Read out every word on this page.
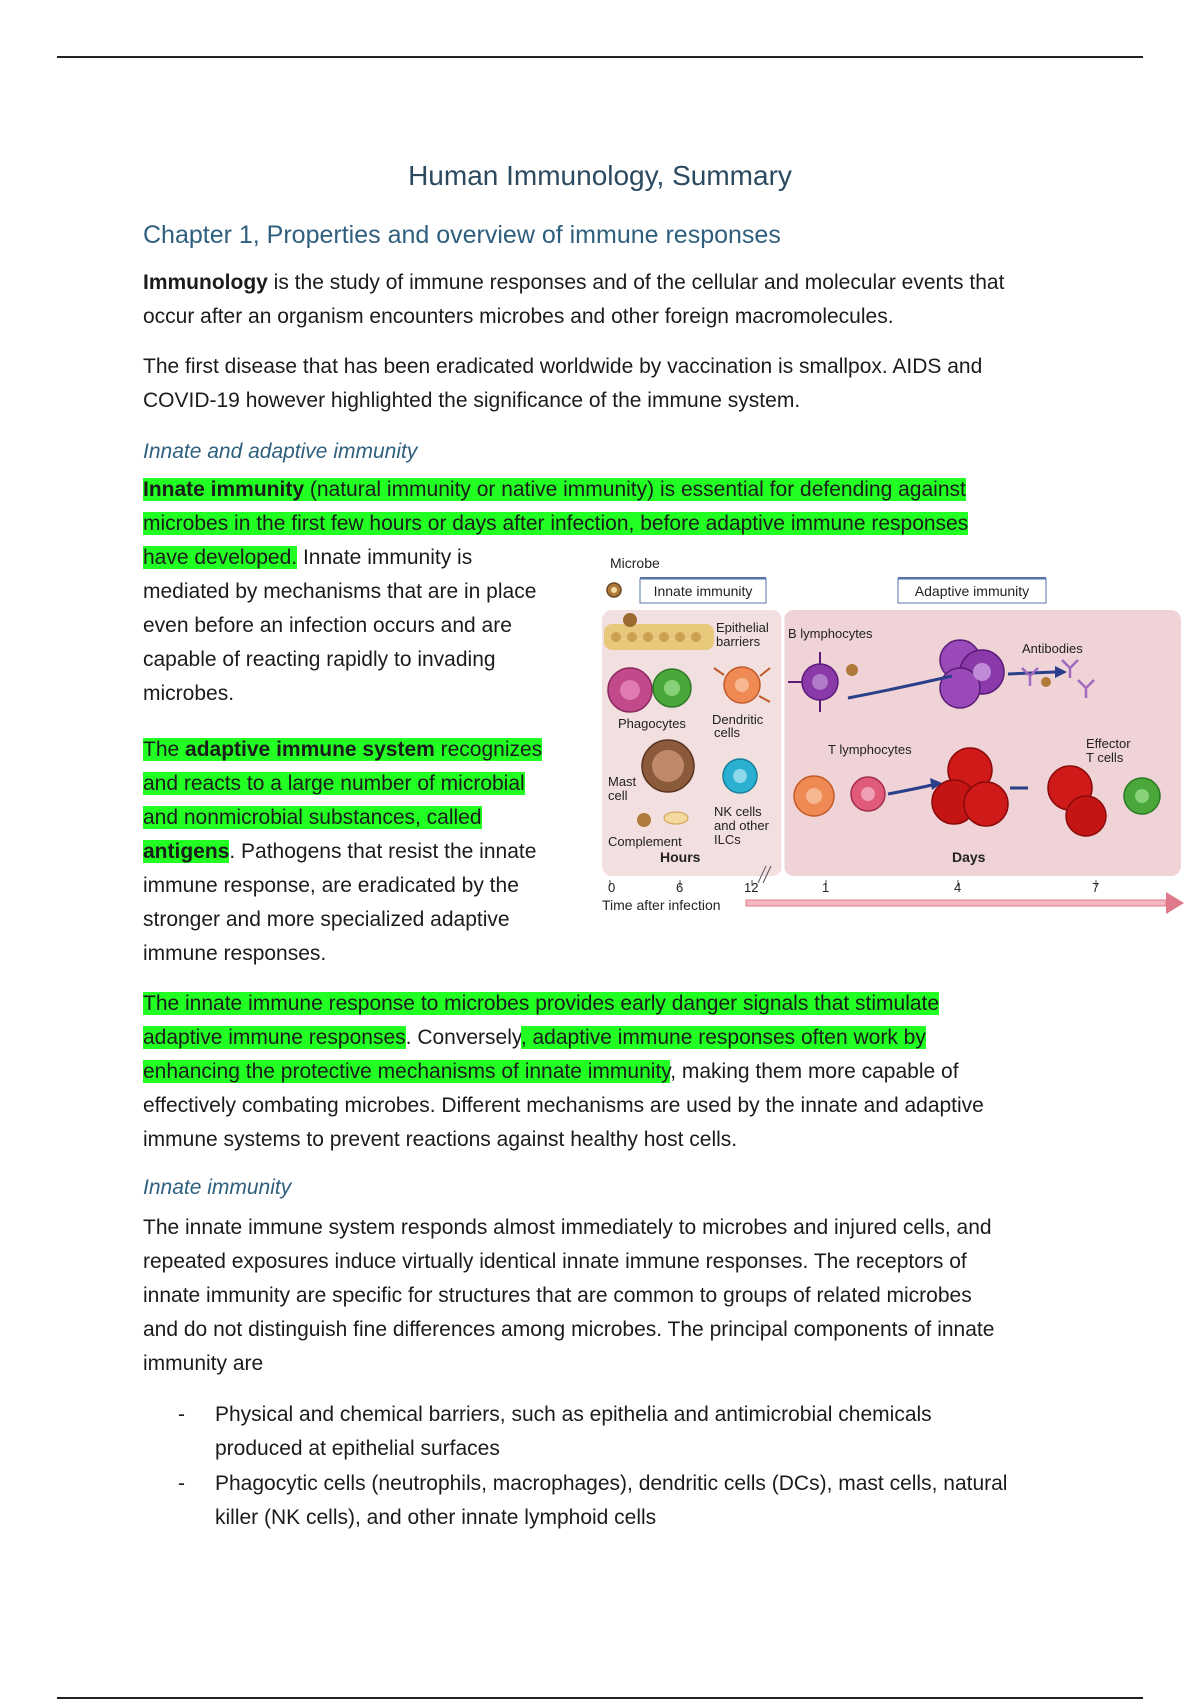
Human Immunology, Summary
Chapter 1, Properties and overview of immune responses

Immunology is the study of immune responses and of the cellular and molecular events that
occur after an organism encounters microbes and other foreign macromolecules.

The first disease that has been eradicated worldwide by vaccination is smallpox. AIDS and
COVID-19 however highlighted the significance of the immune system.

Innate and adaptive immunity

Innate immunity (natural immunity or native immunity) is essential for defending against
microbes in the first few hours or days after infection, before adaptive immune responses
have developed. Innate immunity is
mediated by mechanisms that are in place
even before an infection occurs and are
capable of reacting rapidly to invading
microbes.

The adaptive immune system recognizes
and reacts to a large number of microbial
and nonmicrobial substances, called
antigens. Pathogens that resist the innate
immune response, are eradicated by the
stronger and more specialized adaptive
immune responses.

Microbe
Innate immunity	Adaptive immunity
Epithelial
barriers
Phagocytes Dendritic
cells
Mast
cell
NK cells
and other
ILCs
Complement
Hours
B lymphocytes
Antibodies
T lymphocytes	Effector
T cells
Days
0	6	12	1	4	7
Time after infection

The innate immune response to microbes provides early danger signals that stimulate
adaptive immune responses. Conversely, adaptive immune responses often work by
enhancing the protective mechanisms of innate immunity, making them more capable of
effectively combating microbes. Different mechanisms are used by the innate and adaptive
immune systems to prevent reactions against healthy host cells.

Innate immunity

The innate immune system responds almost immediately to microbes and injured cells, and
repeated exposures induce virtually identical innate immune responses. The receptors of
innate immunity are specific for structures that are common to groups of related microbes
and do not distinguish fine differences among microbes. The principal components of innate
immunity are

- Physical and chemical barriers, such as epithelia and antimicrobial chemicals
produced at epithelial surfaces
- Phagocytic cells (neutrophils, macrophages), dendritic cells (DCs), mast cells, natural
killer (NK cells), and other innate lymphoid cells
